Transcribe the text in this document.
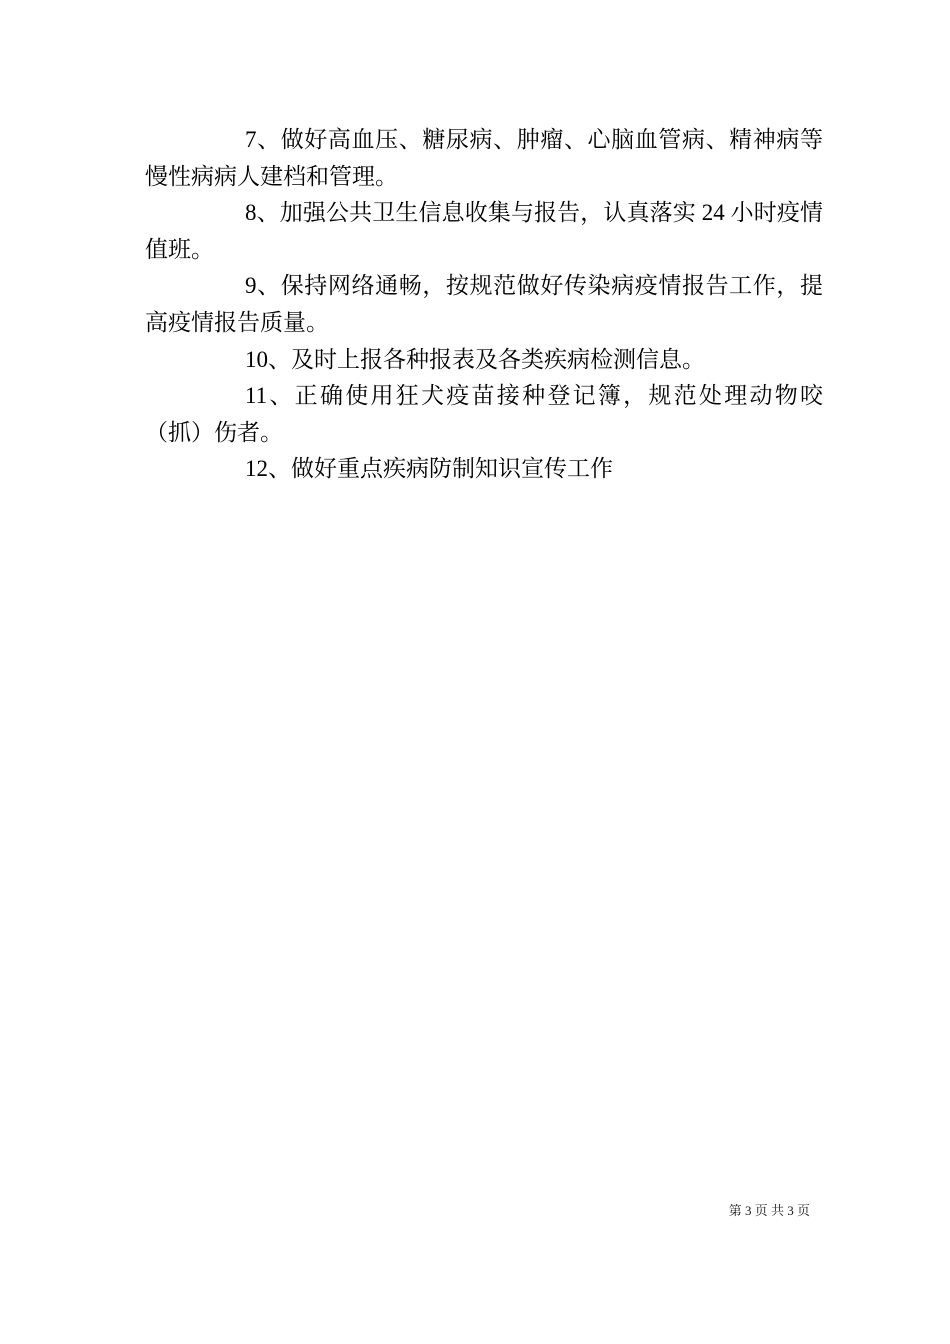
7、做好高血压、糖尿病、肿瘤、心脑血管病、精神病等慢性病病人建档和管理。

8、加强公共卫生信息收集与报告，认真落实 24 小时疫情值班。

9、保持网络通畅，按规范做好传染病疫情报告工作，提高疫情报告质量。

10、及时上报各种报表及各类疾病检测信息。

11、正确使用狂犬疫苗接种登记簿，规范处理动物咬（抓）伤者。

12、做好重点疾病防制知识宣传工作

第 3 页 共 3 页
